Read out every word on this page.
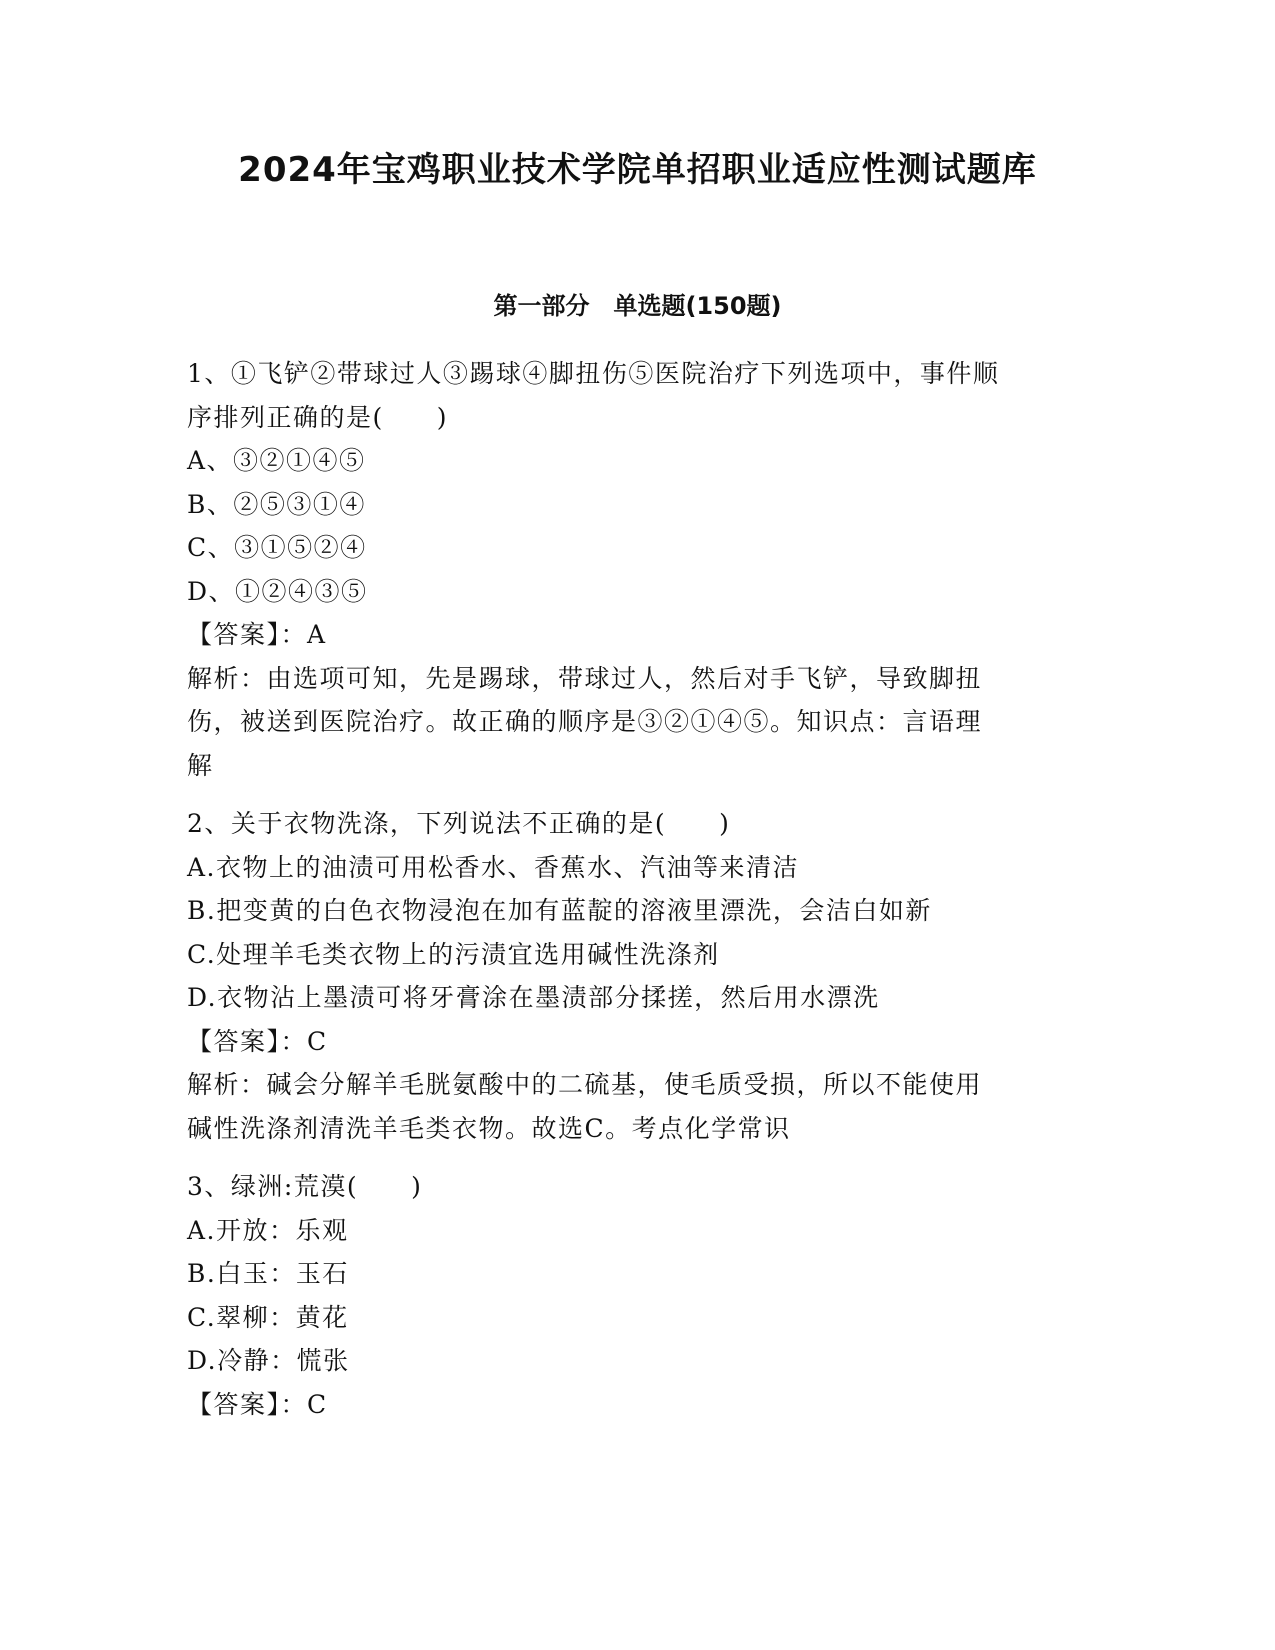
2024年宝鸡职业技术学院单招职业适应性测试题库
第一部分　单选题(150题)
1、①飞铲②带球过人③踢球④脚扭伤⑤医院治疗下列选项中，事件顺
序排列正确的是(　　)
A、③②①④⑤
B、②⑤③①④
C、③①⑤②④
D、①②④③⑤
【答案】：A
解析：由选项可知，先是踢球，带球过人，然后对手飞铲，导致脚扭
伤，被送到医院治疗。故正确的顺序是③②①④⑤。知识点：言语理
解
2、关于衣物洗涤，下列说法不正确的是(　　)
A.衣物上的油渍可用松香水、香蕉水、汽油等来清洁
B.把变黄的白色衣物浸泡在加有蓝靛的溶液里漂洗，会洁白如新
C.处理羊毛类衣物上的污渍宜选用碱性洗涤剂
D.衣物沾上墨渍可将牙膏涂在墨渍部分揉搓，然后用水漂洗
【答案】：C
解析：碱会分解羊毛胱氨酸中的二硫基，使毛质受损，所以不能使用
碱性洗涤剂清洗羊毛类衣物。故选C。考点化学常识
3、绿洲:荒漠(　　)
A.开放：乐观
B.白玉：玉石
C.翠柳：黄花
D.冷静：慌张
【答案】：C
